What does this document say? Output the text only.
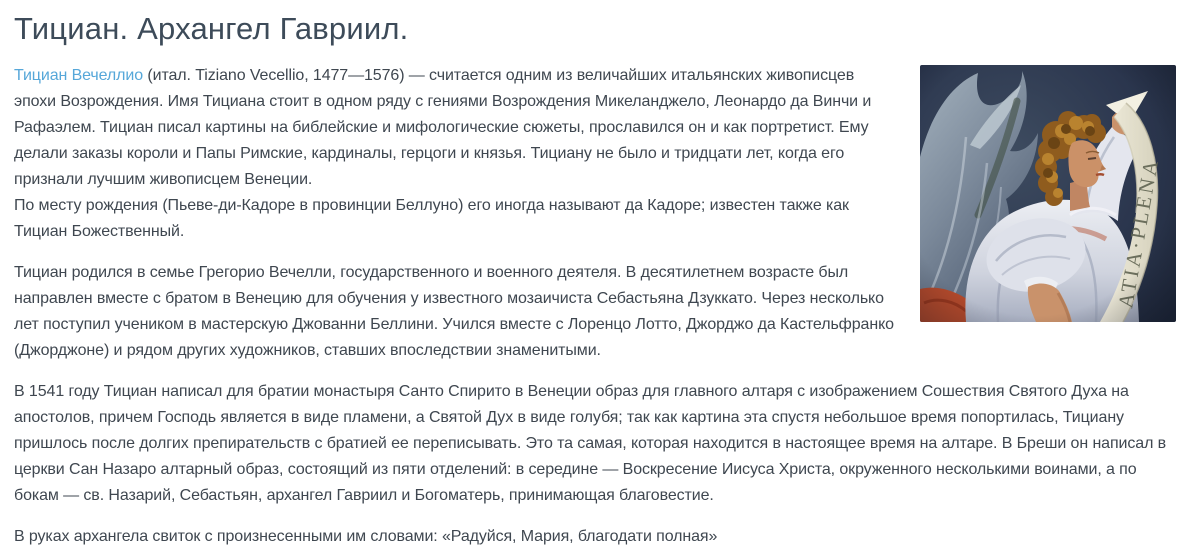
Тициан. Архангел Гавриил.

Тициан Вечеллио (итал. Tiziano Vecellio, 1477—1576) — считается одним из величайших итальянских живописцев эпохи Возрождения. Имя Тициана стоит в одном ряду с гениями Возрождения Микеланджело, Леонардо да Винчи и Рафаэлем. Тициан писал картины на библейские и мифологические сюжеты, прославился он и как портретист. Ему делали заказы короли и Папы Римские, кардиналы, герцоги и князья. Тициану не было и тридцати лет, когда его признали лучшим живописцем Венеции.
По месту рождения (Пьеве-ди-Кадоре в провинции Беллуно) его иногда называют да Кадоре; известен также как Тициан Божественный.

Тициан родился в семье Грегорио Вечелли, государственного и военного деятеля. В десятилетнем возрасте был направлен вместе с братом в Венецию для обучения у известного мозаичиста Себастьяна Дзуккато. Через несколько лет поступил учеником в мастерскую Джованни Беллини. Учился вместе с Лоренцо Лотто, Джорджо да Кастельфранко (Джорджоне) и рядом других художников, ставших впоследствии знаменитыми.

В 1541 году Тициан написал для братии монастыря Санто Спирито в Венеции образ для главного алтаря с изображением Сошествия Святого Духа на апостолов, причем Господь является в виде пламени, а Святой Дух в виде голубя; так как картина эта спустя небольшое время попортилась, Тициану пришлось после долгих препирательств с братией ее переписывать. Это та самая, которая находится в настоящее время на алтаре. В Бреши он написал в церкви Сан Назаро алтарный образ, состоящий из пяти отделений: в середине — Воскресение Иисуса Христа, окруженного несколькими воинами, а по бокам — св. Назарий, Себастьян, архангел Гавриил и Богоматерь, принимающая благовестие.

В руках архангела свиток с произнесенными им словами: «Радуйся, Мария, благодати полная»
